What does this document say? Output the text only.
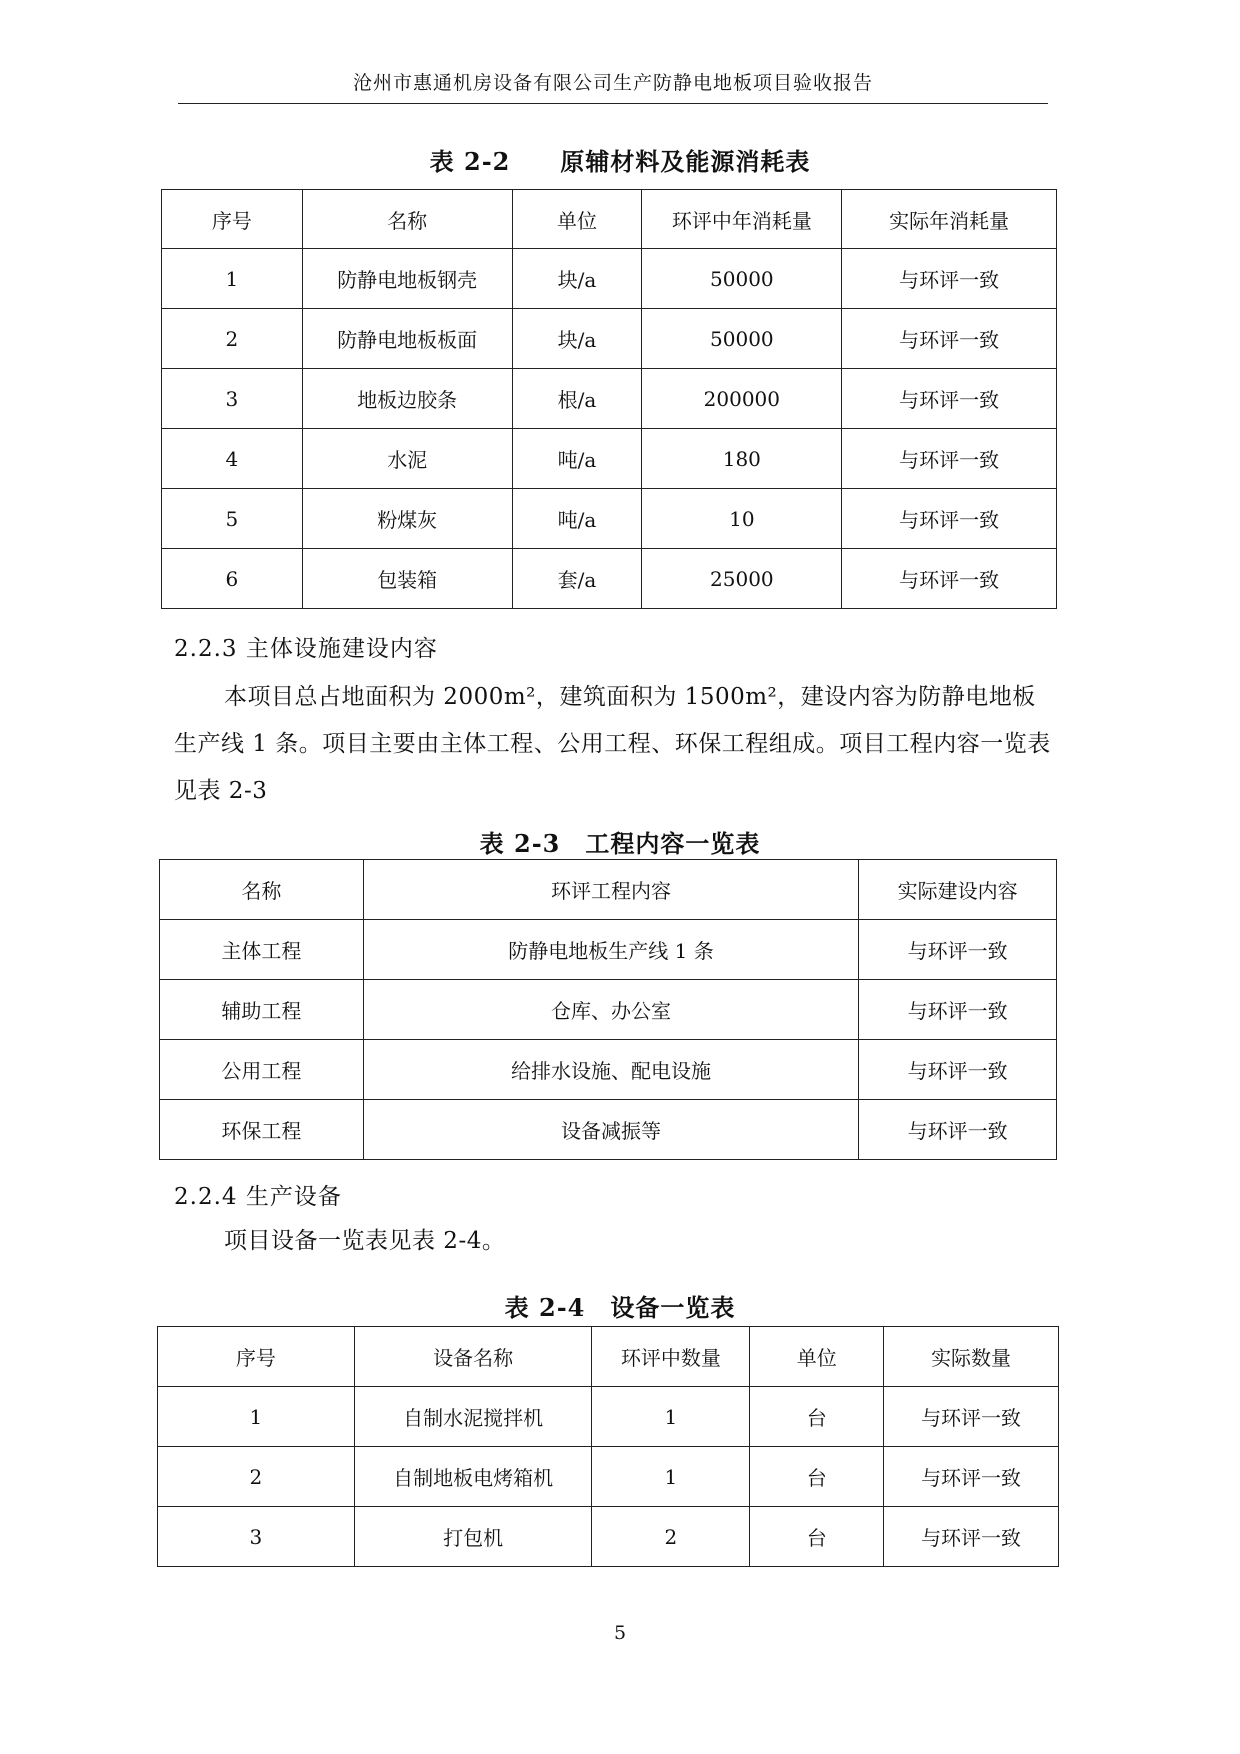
沧州市惠通机房设备有限公司生产防静电地板项目验收报告
表 2-2　　原辅材料及能源消耗表
序号	名称	单位	环评中年消耗量	实际年消耗量
1	防静电地板钢壳	块/a	50000	与环评一致
2	防静电地板板面	块/a	50000	与环评一致
3	地板边胶条	根/a	200000	与环评一致
4	水泥	吨/a	180	与环评一致
5	粉煤灰	吨/a	10	与环评一致
6	包装箱	套/a	25000	与环评一致
2.2.3 主体设施建设内容
本项目总占地面积为 2000m²，建筑面积为 1500m²，建设内容为防静电地板生产线 1 条。项目主要由主体工程、公用工程、环保工程组成。项目工程内容一览表见表 2-3
表 2-3　工程内容一览表
名称	环评工程内容	实际建设内容
主体工程	防静电地板生产线 1 条	与环评一致
辅助工程	仓库、办公室	与环评一致
公用工程	给排水设施、配电设施	与环评一致
环保工程	设备减振等	与环评一致
2.2.4 生产设备
项目设备一览表见表 2-4。
表 2-4　设备一览表
序号	设备名称	环评中数量	单位	实际数量
1	自制水泥搅拌机	1	台	与环评一致
2	自制地板电烤箱机	1	台	与环评一致
3	打包机	2	台	与环评一致
5
